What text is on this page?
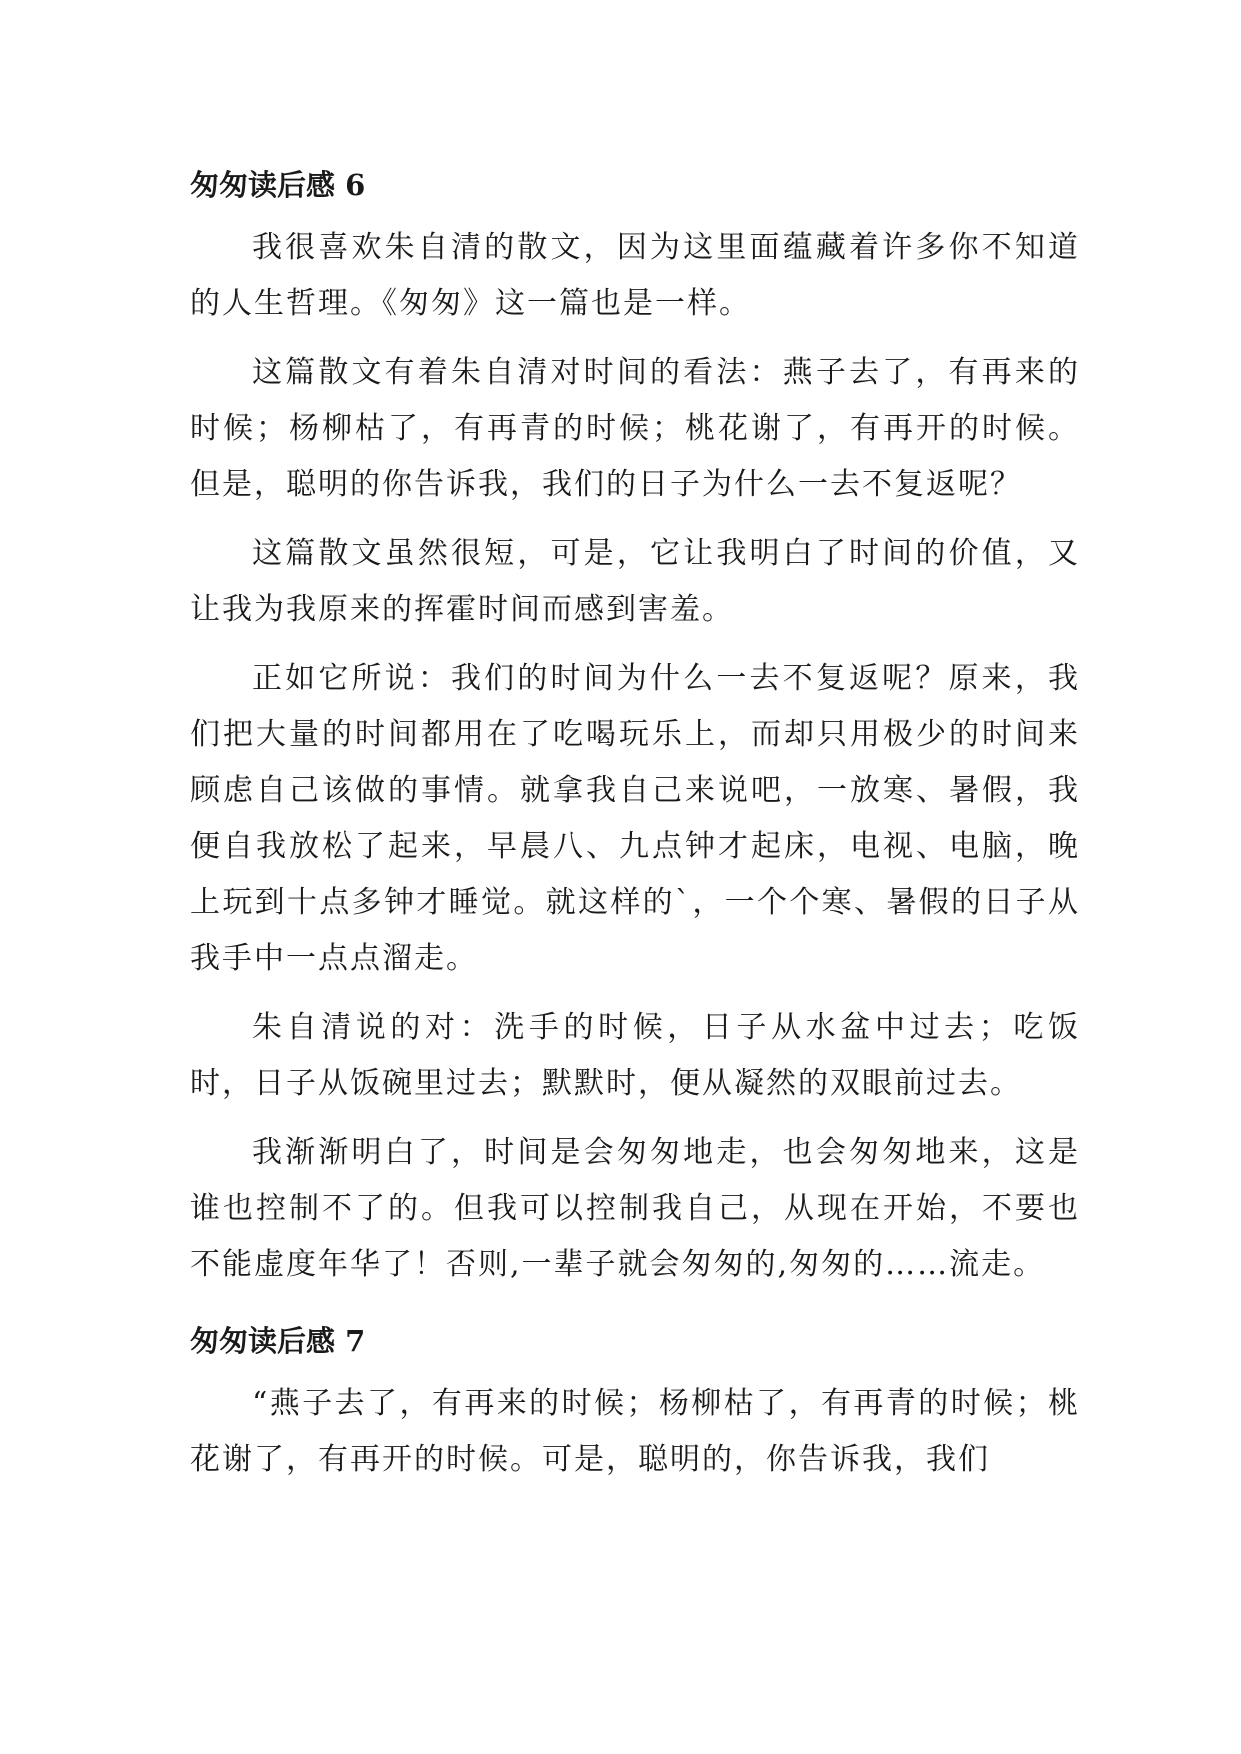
匆匆读后感 6

我很喜欢朱自清的散文，因为这里面蕴藏着许多你不知道的人生哲理。《匆匆》这一篇也是一样。

这篇散文有着朱自清对时间的看法：燕子去了，有再来的时候；杨柳枯了，有再青的时候；桃花谢了，有再开的时候。但是，聪明的你告诉我，我们的日子为什么一去不复返呢？

这篇散文虽然很短，可是，它让我明白了时间的价值，又让我为我原来的挥霍时间而感到害羞。

正如它所说：我们的时间为什么一去不复返呢？原来，我们把大量的时间都用在了吃喝玩乐上，而却只用极少的时间来顾虑自己该做的事情。就拿我自己来说吧，一放寒、暑假，我便自我放松了起来，早晨八、九点钟才起床，电视、电脑，晚上玩到十点多钟才睡觉。就这样的`，一个个寒、暑假的日子从我手中一点点溜走。

朱自清说的对：洗手的时候，日子从水盆中过去；吃饭时，日子从饭碗里过去；默默时，便从凝然的双眼前过去。

我渐渐明白了，时间是会匆匆地走，也会匆匆地来，这是谁也控制不了的。但我可以控制我自己，从现在开始，不要也不能虚度年华了！否则,一辈子就会匆匆的,匆匆的……流走。

匆匆读后感 7

“燕子去了，有再来的时候；杨柳枯了，有再青的时候；桃花谢了，有再开的时候。可是，聪明的，你告诉我，我们
